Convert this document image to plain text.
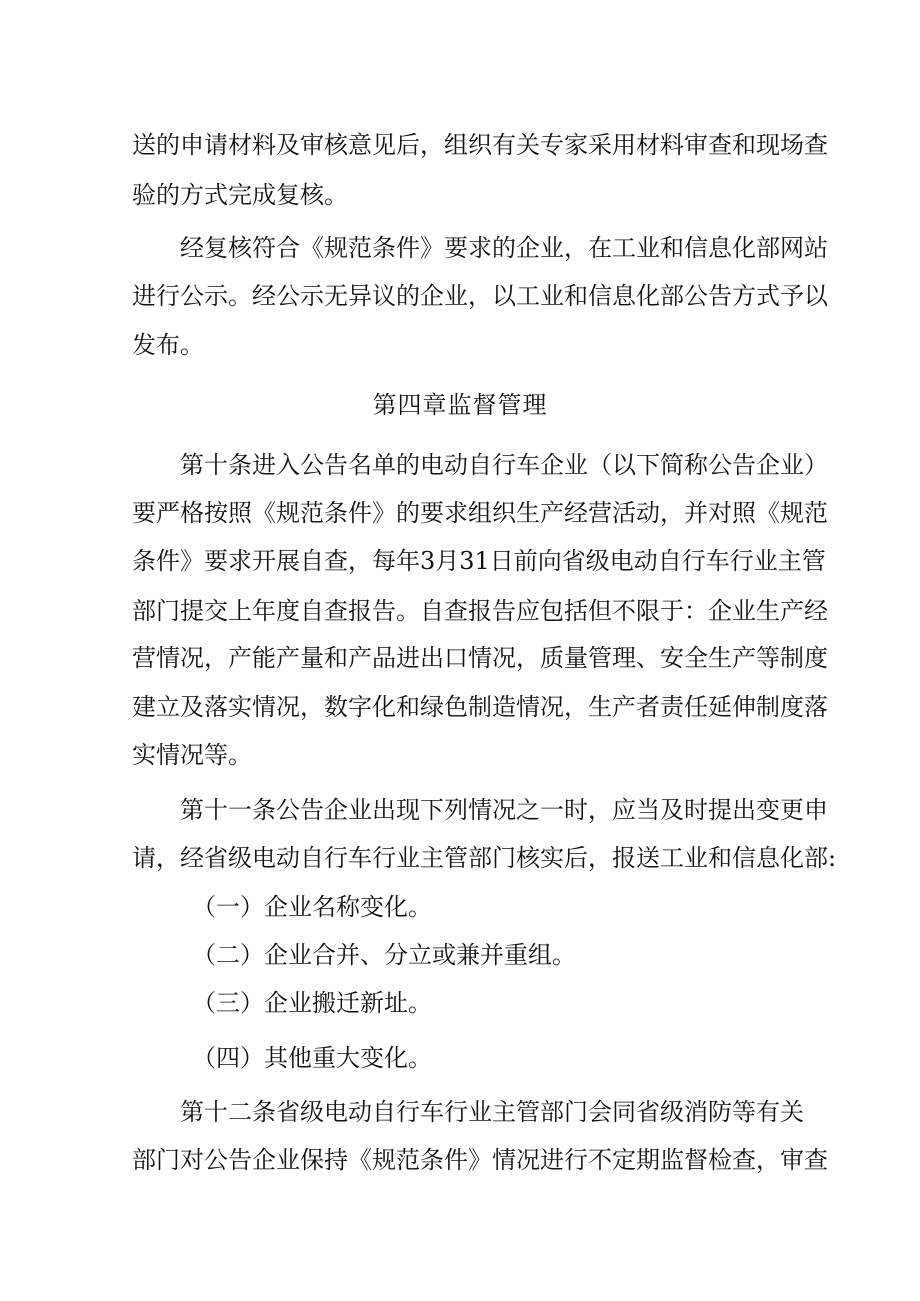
送的申请材料及审核意见后，组织有关专家采用材料审查和现场查
验的方式完成复核。
经复核符合《规范条件》要求的企业，在工业和信息化部网站
进行公示。经公示无异议的企业，以工业和信息化部公告方式予以
发布。
第四章监督管理
第十条进入公告名单的电动自行车企业（以下简称公告企业）
要严格按照《规范条件》的要求组织生产经营活动，并对照《规范
条件》要求开展自查，每年3月31日前向省级电动自行车行业主管
部门提交上年度自查报告。自查报告应包括但不限于：企业生产经
营情况，产能产量和产品进出口情况，质量管理、安全生产等制度
建立及落实情况，数字化和绿色制造情况，生产者责任延伸制度落
实情况等。
第十一条公告企业出现下列情况之一时，应当及时提出变更申
请，经省级电动自行车行业主管部门核实后，报送工业和信息化部:
（一）企业名称变化。
（二）企业合并、分立或兼并重组。
（三）企业搬迁新址。
（四）其他重大变化。
第十二条省级电动自行车行业主管部门会同省级消防等有关
部门对公告企业保持《规范条件》情况进行不定期监督检查，审查
